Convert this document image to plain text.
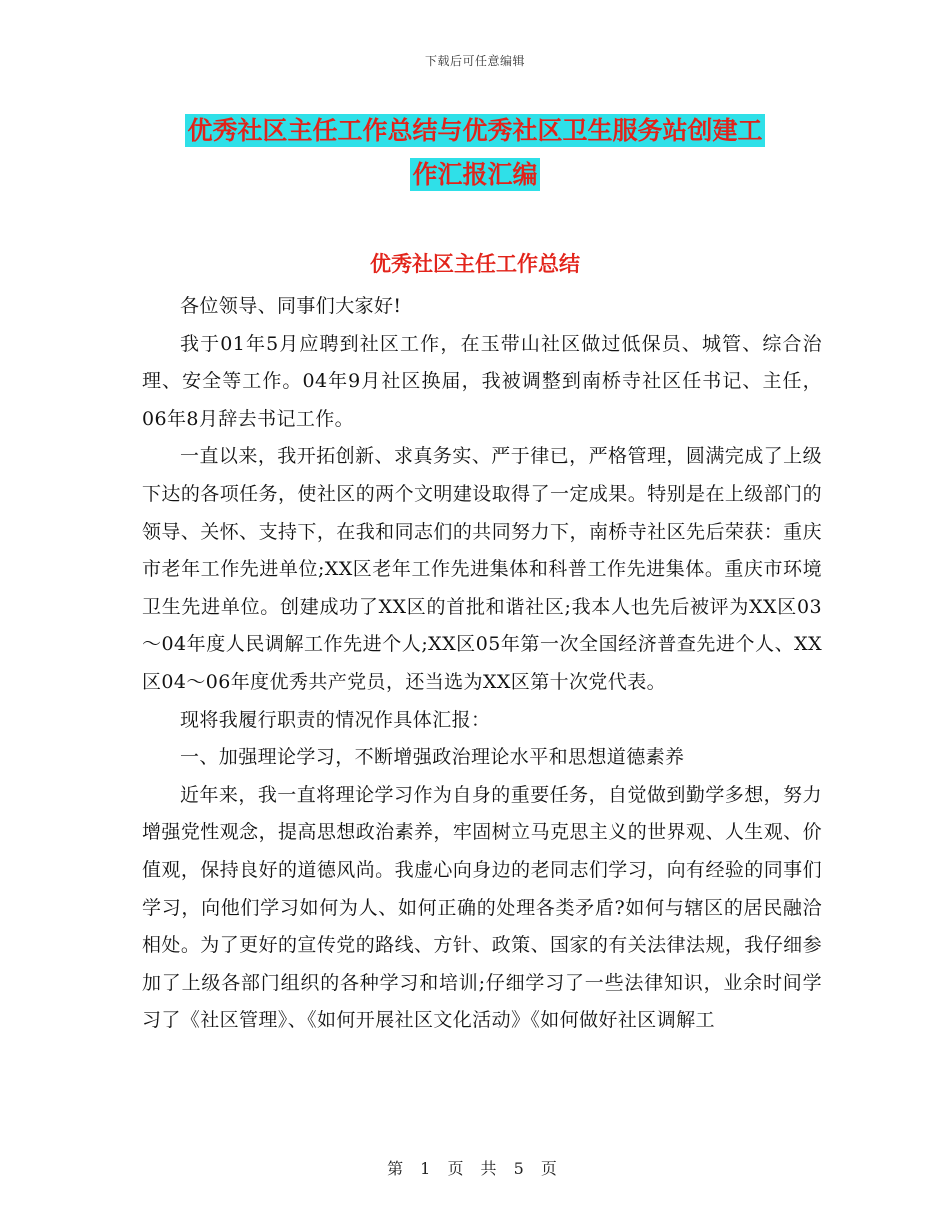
下载后可任意编辑
优秀社区主任工作总结与优秀社区卫生服务站创建工
作汇报汇编
优秀社区主任工作总结

各位领导、同事们大家好!

我于01年5月应聘到社区工作，在玉带山社区做过低保员、城管、综合治理、安全等工作。04年9月社区换届，我被调整到南桥寺社区任书记、主任，06年8月辞去书记工作。

一直以来，我开拓创新、求真务实、严于律已，严格管理，圆满完成了上级下达的各项任务，使社区的两个文明建设取得了一定成果。特别是在上级部门的领导、关怀、支持下，在我和同志们的共同努力下，南桥寺社区先后荣获：重庆市老年工作先进单位;XX区老年工作先进集体和科普工作先进集体。重庆市环境卫生先进单位。创建成功了XX区的首批和谐社区;我本人也先后被评为XX区03～04年度人民调解工作先进个人;XX区05年第一次全国经济普查先进个人、XX区04～06年度优秀共产党员，还当选为XX区第十次党代表。

现将我履行职责的情况作具体汇报：

一、加强理论学习，不断增强政治理论水平和思想道德素养

近年来，我一直将理论学习作为自身的重要任务，自觉做到勤学多想，努力增强党性观念，提高思想政治素养，牢固树立马克思主义的世界观、人生观、价值观，保持良好的道德风尚。我虚心向身边的老同志们学习，向有经验的同事们学习，向他们学习如何为人、如何正确的处理各类矛盾?如何与辖区的居民融洽相处。为了更好的宣传党的路线、方针、政策、国家的有关法律法规，我仔细参加了上级各部门组织的各种学习和培训;仔细学习了一些法律知识，业余时间学习了《社区管理》、《如何开展社区文化活动》《如何做好社区调解工

第 1 页 共 5 页
